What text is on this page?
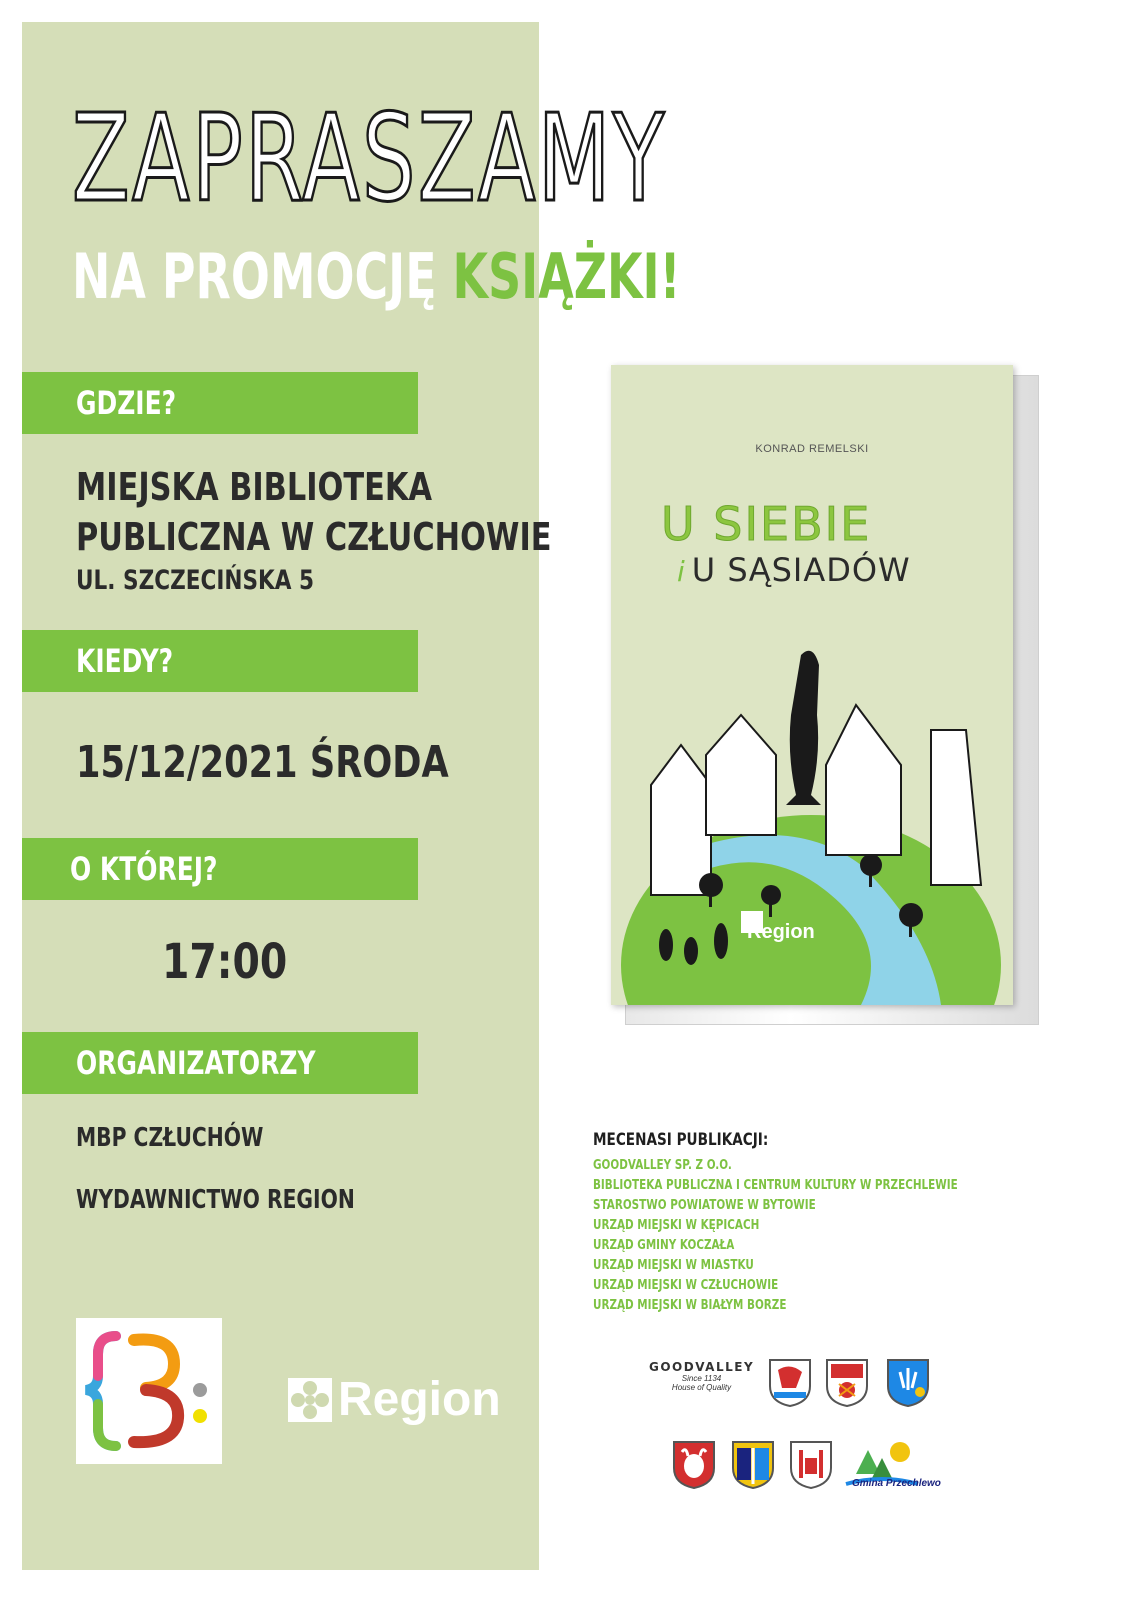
ZAPRASZAMY
NA PROMOCJĘ KSIĄŻKI!
GDZIE?
MIEJSKA BIBLIOTEKA
PUBLICZNA W CZŁUCHOWIE
UL. SZCZECIŃSKA 5
KIEDY?
15/12/2021 ŚRODA
O KTÓREJ?
17:00
ORGANIZATORZY
MBP CZŁUCHÓW
WYDAWNICTWO REGION
Region
KONRAD REMELSKI
U SIEBIE
i U SĄSIADÓW
Region
MECENASI PUBLIKACJI:
GOODVALLEY SP. Z O.O.
BIBLIOTEKA PUBLICZNA I CENTRUM KULTURY W PRZECHLEWIE
STAROSTWO POWIATOWE W BYTOWIE
URZĄD MIEJSKI W KĘPICACH
URZĄD GMINY KOCZAŁA
URZĄD MIEJSKI W MIASTKU
URZĄD MIEJSKI W CZŁUCHOWIE
URZĄD MIEJSKI W BIAŁYM BORZE
GOODVALLEY
Since 1134
House of Quality
Gmina Przechlewo
